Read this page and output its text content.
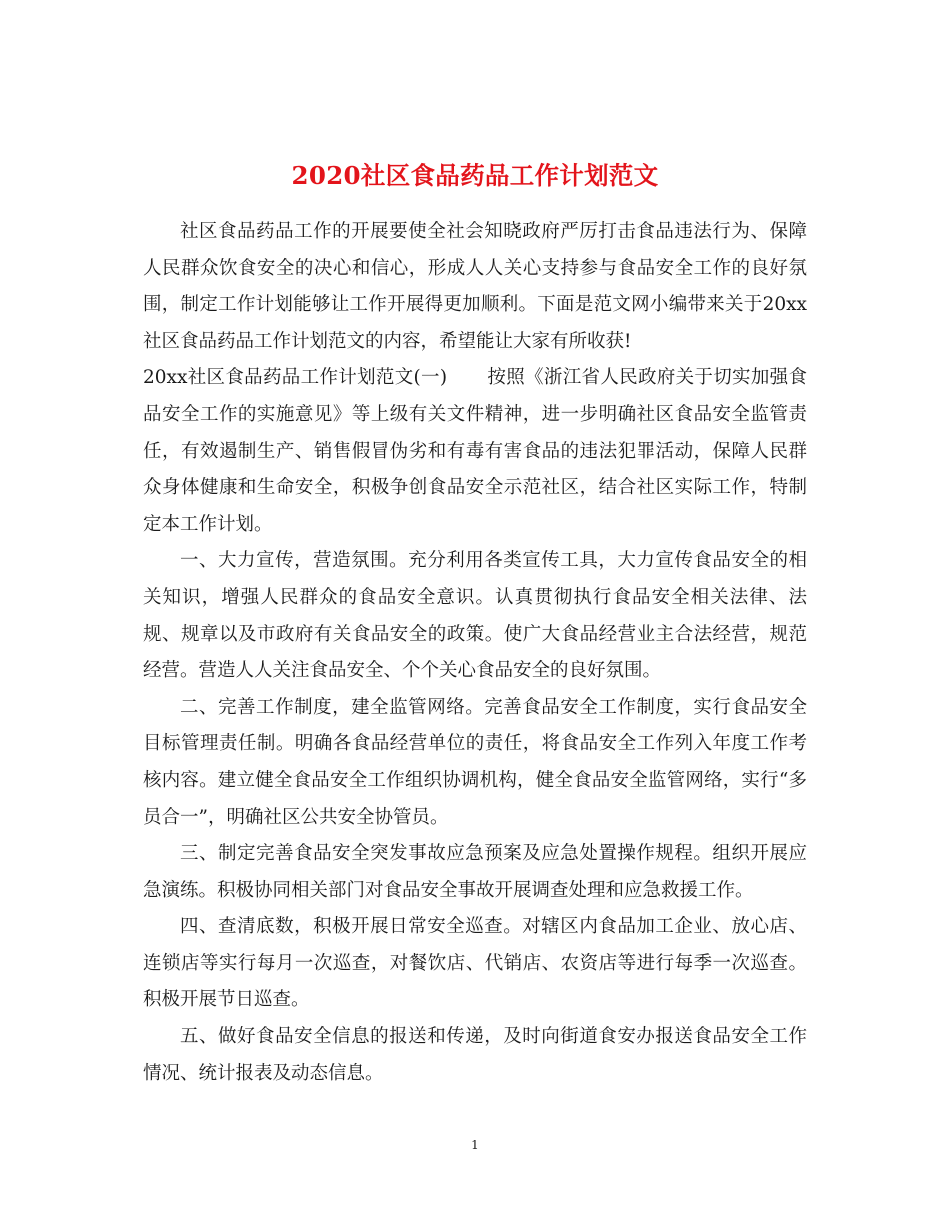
2020社区食品药品工作计划范文

社区食品药品工作的开展要使全社会知晓政府严厉打击食品违法行为、保障人民群众饮食安全的决心和信心，形成人人关心支持参与食品安全工作的良好氛围，制定工作计划能够让工作开展得更加顺利。下面是范文网小编带来关于20xx社区食品药品工作计划范文的内容，希望能让大家有所收获!

20xx社区食品药品工作计划范文(一) 按照《浙江省人民政府关于切实加强食品安全工作的实施意见》等上级有关文件精神，进一步明确社区食品安全监管责任，有效遏制生产、销售假冒伪劣和有毒有害食品的违法犯罪活动，保障人民群众身体健康和生命安全，积极争创食品安全示范社区，结合社区实际工作，特制定本工作计划。

一、大力宣传，营造氛围。充分利用各类宣传工具，大力宣传食品安全的相关知识，增强人民群众的食品安全意识。认真贯彻执行食品安全相关法律、法规、规章以及市政府有关食品安全的政策。使广大食品经营业主合法经营，规范经营。营造人人关注食品安全、个个关心食品安全的良好氛围。

二、完善工作制度，建全监管网络。完善食品安全工作制度，实行食品安全目标管理责任制。明确各食品经营单位的责任，将食品安全工作列入年度工作考核内容。建立健全食品安全工作组织协调机构，健全食品安全监管网络，实行“多员合一”，明确社区公共安全协管员。

三、制定完善食品安全突发事故应急预案及应急处置操作规程。组织开展应急演练。积极协同相关部门对食品安全事故开展调查处理和应急救援工作。

四、查清底数，积极开展日常安全巡查。对辖区内食品加工企业、放心店、连锁店等实行每月一次巡查，对餐饮店、代销店、农资店等进行每季一次巡查。积极开展节日巡查。

五、做好食品安全信息的报送和传递，及时向街道食安办报送食品安全工作情况、统计报表及动态信息。

1
